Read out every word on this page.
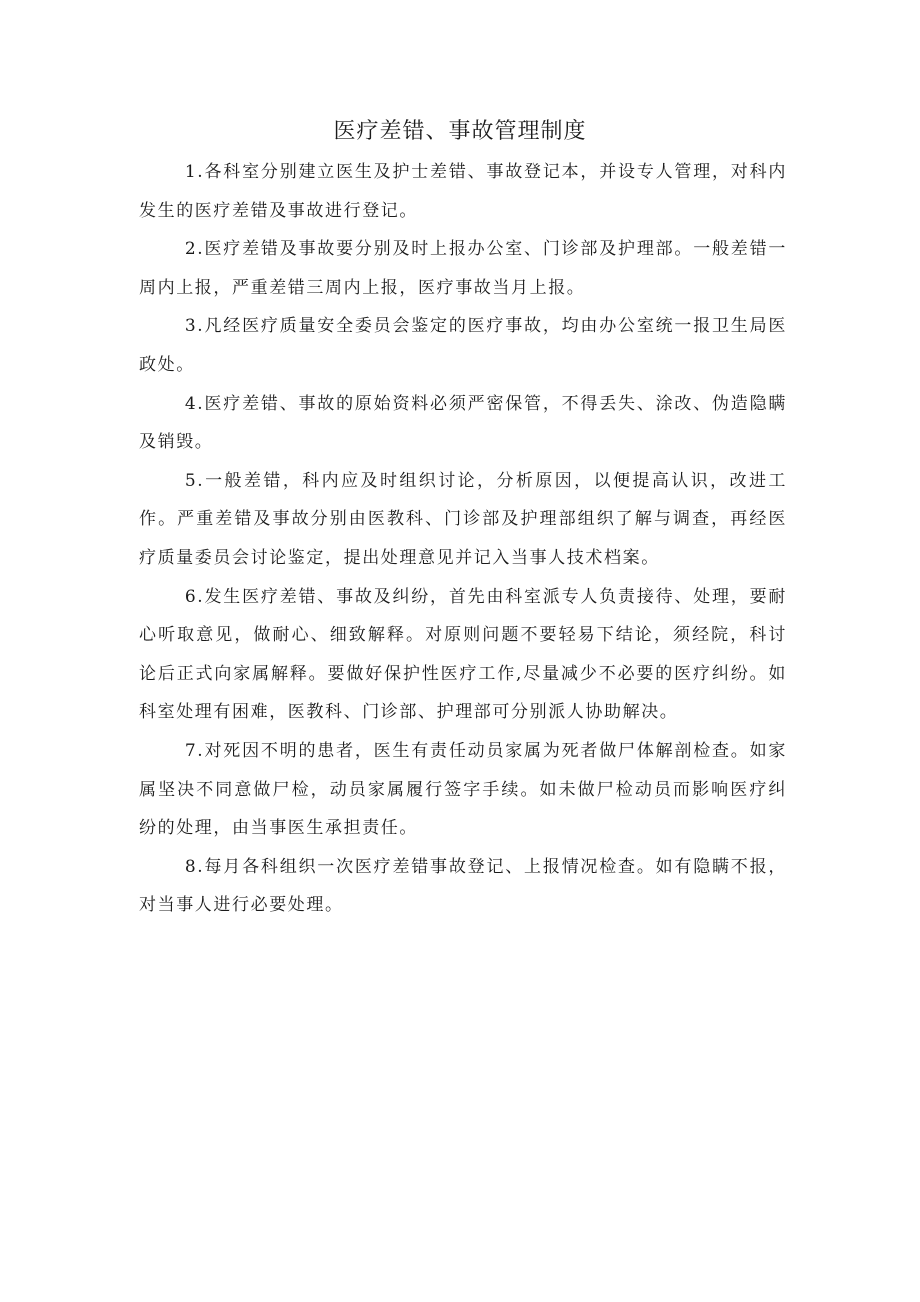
医疗差错、事故管理制度

1.各科室分别建立医生及护士差错、事故登记本，并设专人管理，对科内发生的医疗差错及事故进行登记。

2.医疗差错及事故要分别及时上报办公室、门诊部及护理部。一般差错一周内上报，严重差错三周内上报，医疗事故当月上报。

3.凡经医疗质量安全委员会鉴定的医疗事故，均由办公室统一报卫生局医政处。

4.医疗差错、事故的原始资料必须严密保管，不得丢失、涂改、伪造隐瞒及销毁。

5.一般差错，科内应及时组织讨论，分析原因，以便提高认识，改进工作。严重差错及事故分别由医教科、门诊部及护理部组织了解与调查，再经医疗质量委员会讨论鉴定，提出处理意见并记入当事人技术档案。

6.发生医疗差错、事故及纠纷，首先由科室派专人负责接待、处理，要耐心听取意见，做耐心、细致解释。对原则问题不要轻易下结论，须经院，科讨论后正式向家属解释。要做好保护性医疗工作,尽量减少不必要的医疗纠纷。如科室处理有困难，医教科、门诊部、护理部可分别派人协助解决。

7.对死因不明的患者，医生有责任动员家属为死者做尸体解剖检查。如家属坚决不同意做尸检，动员家属履行签字手续。如未做尸检动员而影响医疗纠纷的处理，由当事医生承担责任。

8.每月各科组织一次医疗差错事故登记、上报情况检查。如有隐瞒不报，对当事人进行必要处理。
